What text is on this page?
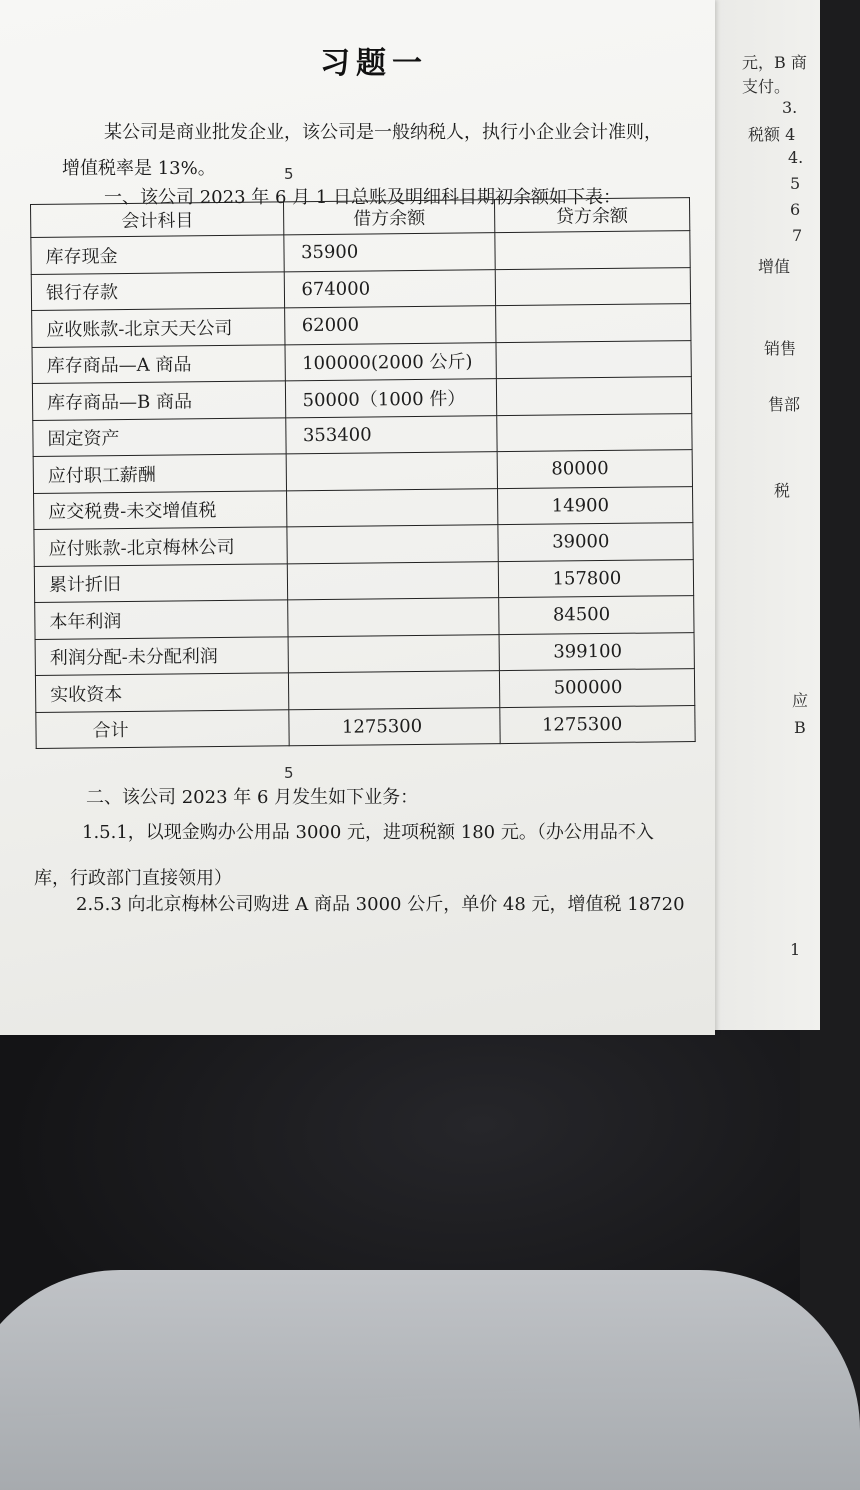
元，B 商
支付。
3.
税额 4
4.
5
6
7
增值
销售
售部
税
应
B
1
习题一
某公司是商业批发企业，该公司是一般纳税人，执行小企业会计准则，
增值税率是 13%。
一、该公司 2023 年 6 月 1 日总账及明细科目期初余额如下表：
5
会计科目	借方余额	贷方余额
库存现金	35900	
银行存款	674000	
应收账款-北京天天公司	62000	
库存商品—A 商品	100000(2000 公斤)	
库存商品—B 商品	50000（1000 件）	
固定资产	353400	
应付职工薪酬		80000
应交税费-未交增值税		14900
应付账款-北京梅林公司		39000
累计折旧		157800
本年利润		84500
利润分配-未分配利润		399100
实收资本		500000
合计	1275300	1275300
二、该公司 2023 年 6 月发生如下业务：
5
1.5.1，以现金购办公用品 3000 元，进项税额 180 元。（办公用品不入
库，行政部门直接领用）
2.5.3 向北京梅林公司购进 A 商品 3000 公斤，单价 48 元，增值税 18720
